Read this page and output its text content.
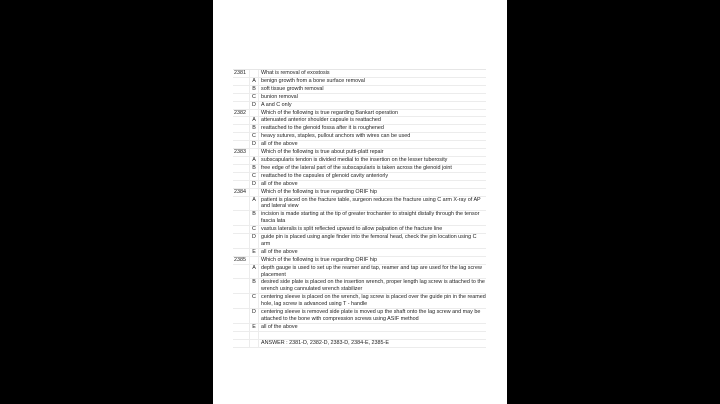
2381	What is removal of exostosis
A benign growth from a bone surface removal
B soft tissue growth removal
C bunion removal
D A and C only
2382	Which of the following is true regarding Bankart operation
A attenuated anterior shoulder capsule is reattached
B reattached to the glenoid fossa after it is roughened
C heavy sutures, staples, pullout anchors with wires can be used
D all of the above
2383	Which of the following is true about putti-platt repair
A subscapularis tendon is divided medial to the insertion on the lesser tuberosity
B free edge of the lateral part of the subscapularis is taken across the glenoid joint
C reattached to the capsules of glenoid cavity anteriorly
D all of the above
2384	Which of the following is true regarding ORIF hip
A patient is placed on the fracture table, surgeon reduces the fracture using C arm X-ray of AP and lateral view
B incision is made starting at the tip of greater trochanter to straight distally through the tensor fascia lata
C vastus lateralis is split reflected upward to allow palpation of the fracture line
D guide pin is placed using angle finder into the femoral head, check the pin location using C arm
E all of the above
2385	Which of the following is true regarding ORIF hip
A depth gauge is used to set up the reamer and tap, reamer and tap are used for the lag screw placement
B desired side plate is placed on the insertion wrench, proper length lag screw is attached to the wrench using cannulated wrench stabilizer
C centering sleeve is placed on the wrench, lag screw is placed over the guide pin in the reamed hole, lag screw is advanced using T - handle
D centering sleeve is removed side plate is moved up the shaft onto the lag screw and may be attached to the bone with compression screws using ASIF method
E all of the above
ANSWER : 2381-D, 2382-D, 2383-D, 2384-E, 2385-E
